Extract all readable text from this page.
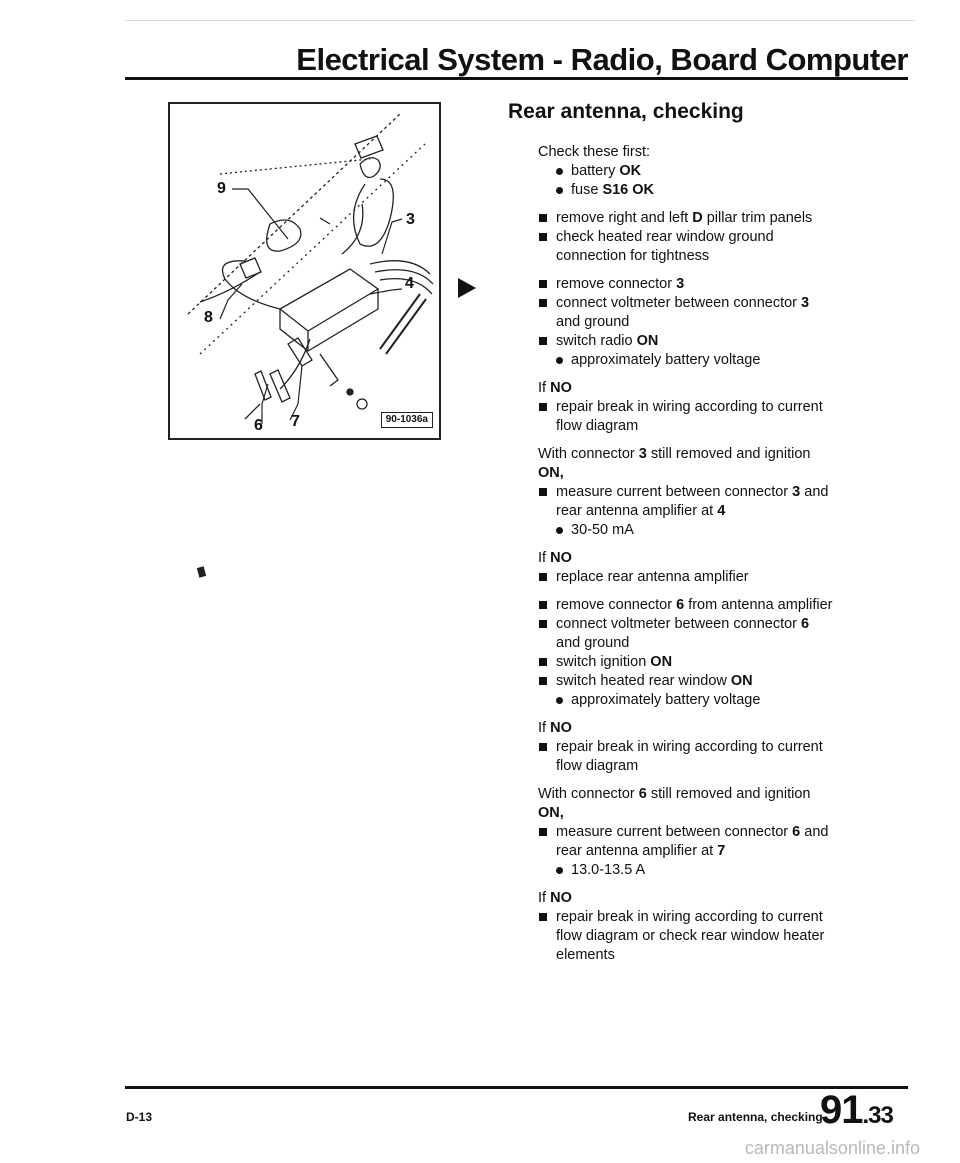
Electrical System - Radio, Board Computer
9
3
4
8
7
6	90-1036a
Rear antenna, checking
Check these first:
battery OK
fuse S16 OK
remove right and left D pillar trim panels
check heated rear window ground
connection for tightness
remove connector 3
connect voltmeter between connector 3
and ground
switch radio ON
approximately battery voltage
If NO
repair break in wiring according to current
flow diagram
With connector 3 still removed and ignition
ON,
measure current between connector 3 and
rear antenna amplifier at 4
30-50 mA
If NO
replace rear antenna amplifier
remove connector 6 from antenna amplifier
connect voltmeter between connector 6
and ground
switch ignition ON
switch heated rear window ON
approximately battery voltage
If NO
repair break in wiring according to current
flow diagram
With connector 6 still removed and ignition
ON,
measure current between connector 6 and
rear antenna amplifier at 7
13.0-13.5 A
If NO
repair break in wiring according to current
flow diagram or check rear window heater
elements
D-13	Rear antenna, checking
91.33
carmanualsonline.info
